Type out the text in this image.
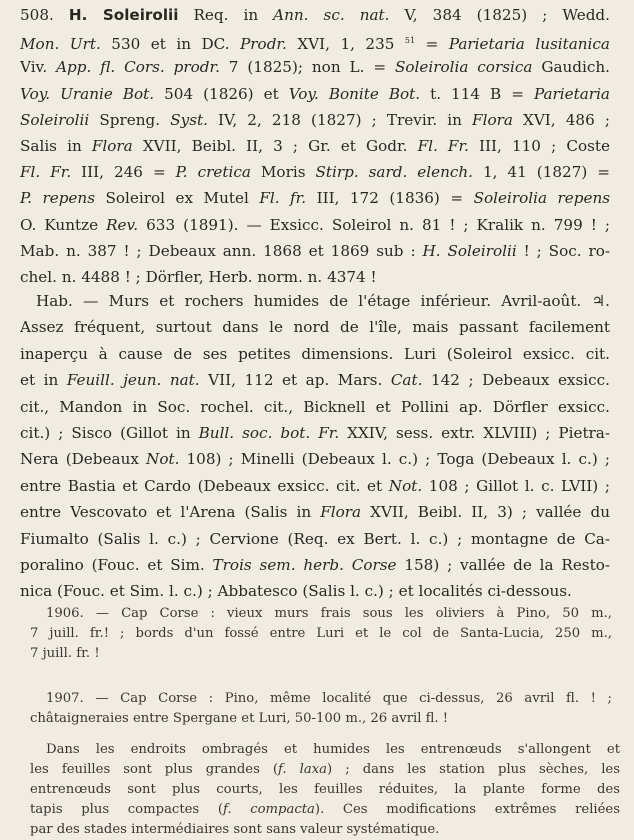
508. H. Soleirolii Req. in Ann. sc. nat. V, 384 (1825) ; Wedd.
Mon. Urt. 530 et in DC. Prodr. XVI, 1, 235 $^{51}$ = Parietaria lusitanica
Viv. App. fl. Cors. prodr. 7 (1825); non L. = Soleirolia corsica Gaudich.
Voy. Uranie Bot. 504 (1826) et Voy. Bonite Bot. t. 114 B = Parietaria
Soleirolii Spreng. Syst. IV, 2, 218 (1827) ; Trevir. in Flora XVI, 486 ;
Salis in Flora XVII, Beibl. II, 3 ; Gr. et Godr. Fl. Fr. III, 110 ; Coste
Fl. Fr. III, 246 = P. cretica Moris Stirp. sard. elench. 1, 41 (1827) =
P. repens Soleirol ex Mutel Fl. fr. III, 172 (1836) = Soleirolia repens
O. Kuntze Rev. 633 (1891). — Exsicc. Soleirol n. 81 ! ; Kralik n. 799 ! ;
Mab. n. 387 ! ; Debeaux ann. 1868 et 1869 sub : H. Soleirolii ! ; Soc. ro-
chel. n. 4488 ! ; Dörfler, Herb. norm. n. 4374 !
Hab. — Murs et rochers humides de l'étage inférieur. Avril-août. ♃.
Assez fréquent, surtout dans le nord de l'île, mais passant facilement
inaperçu à cause de ses petites dimensions. Luri (Soleirol exsicc. cit.
et in Feuill. jeun. nat. VII, 112 et ap. Mars. Cat. 142 ; Debeaux exsicc.
cit., Mandon in Soc. rochel. cit., Bicknell et Pollini ap. Dörfler exsicc.
cit.) ; Sisco (Gillot in Bull. soc. bot. Fr. XXIV, sess. extr. XLVIII) ; Pietra-
Nera (Debeaux Not. 108) ; Minelli (Debeaux l. c.) ; Toga (Debeaux l. c.) ;
entre Bastia et Cardo (Debeaux exsicc. cit. et Not. 108 ; Gillot l. c. LVII) ;
entre Vescovato et l'Arena (Salis in Flora XVII, Beibl. II, 3) ; vallée du
Fiumalto (Salis l. c.) ; Cervione (Req. ex Bert. l. c.) ; montagne de Ca-
poralino (Fouc. et Sim. Trois sem. herb. Corse 158) ; vallée de la Resto-
nica (Fouc. et Sim. l. c.) ; Abbatesco (Salis l. c.) ; et localités ci-dessous.
1906. — Cap Corse : vieux murs frais sous les oliviers à Pino, 50 m.,
7 juill. fr.! ; bords d'un fossé entre Luri et le col de Santa-Lucia, 250 m.,
7 juill. fr. !
1907. — Cap Corse : Pino, même localité que ci-dessus, 26 avril fl. ! ;
châtaigneraies entre Spergane et Luri, 50-100 m., 26 avril fl. !
Dans les endroits ombragés et humides les entrenœuds s'allongent et
les feuilles sont plus grandes (f. laxa) ; dans les station plus sèches, les
entrenœuds sont plus courts, les feuilles réduites, la plante forme des
tapis plus compactes (f. compacta). Ces modifications extrêmes reliées
par des stades intermédiaires sont sans valeur systématique.
